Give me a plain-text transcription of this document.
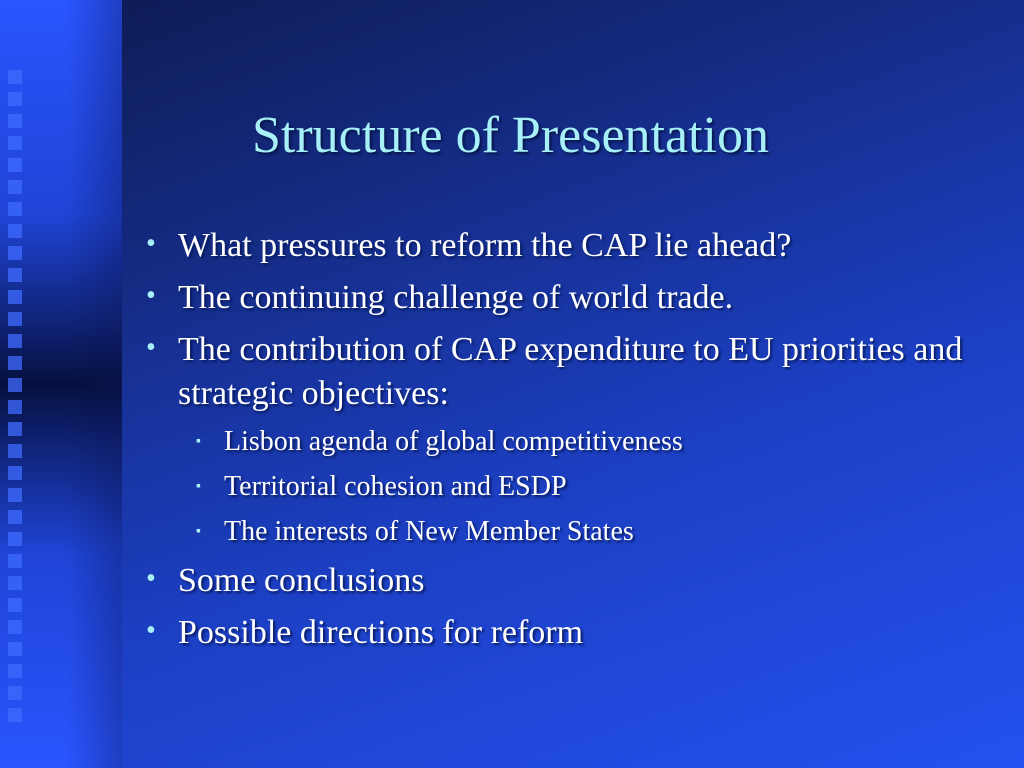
Structure of Presentation

• What pressures to reform the CAP lie ahead?

• The continuing challenge of world trade.

• The contribution of CAP expenditure to EU priorities and strategic objectives:

▪ Lisbon agenda of global competitiveness

▪ Territorial cohesion and ESDP

▪ The interests of New Member States

• Some conclusions

• Possible directions for reform
